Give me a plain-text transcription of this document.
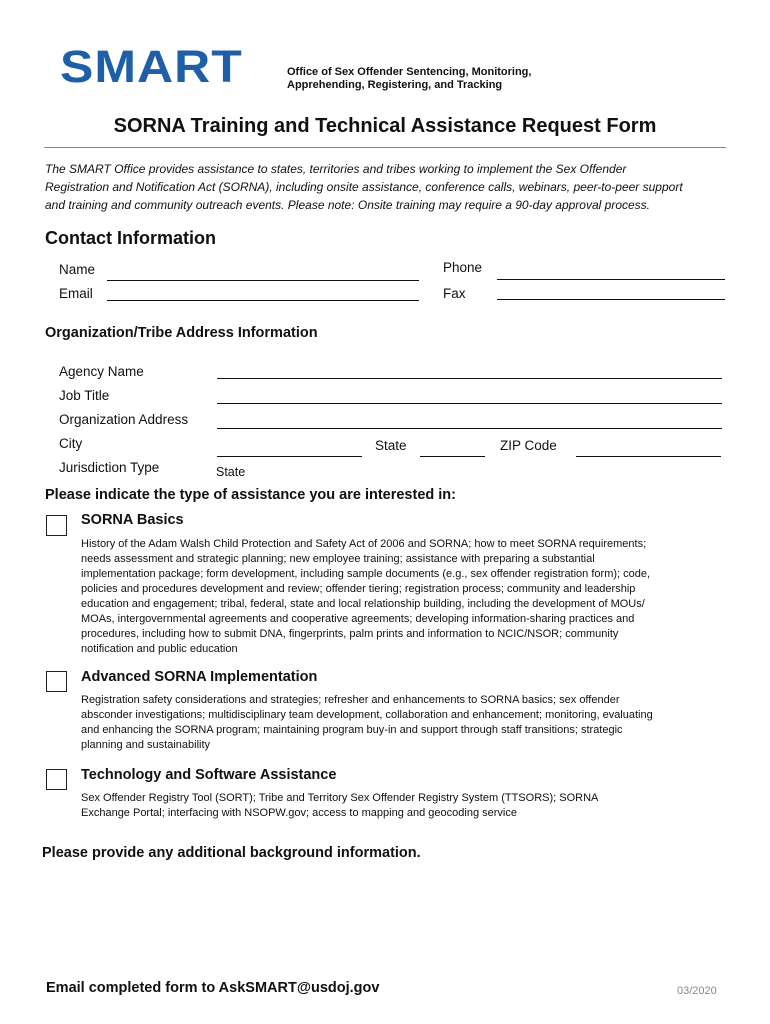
SMART	Office of Sex Offender Sentencing, Monitoring,
Apprehending, Registering, and Tracking
SORNA Training and Technical Assistance Request Form
The SMART Office provides assistance to states, territories and tribes working to implement the Sex Offender
Registration and Notification Act (SORNA), including onsite assistance, conference calls, webinars, peer-to-peer support
and training and community outreach events. Please note: Onsite training may require a 90-day approval process.
Contact Information
Name	Phone
Email	Fax
Organization/Tribe Address Information
Agency Name
Job Title
Organization Address
City	State	ZIP Code
Jurisdiction Type	State
Please indicate the type of assistance you are interested in:
SORNA Basics
History of the Adam Walsh Child Protection and Safety Act of 2006 and SORNA; how to meet SORNA requirements;
needs assessment and strategic planning; new employee training; assistance with preparing a substantial
implementation package; form development, including sample documents (e.g., sex offender registration form); code,
policies and procedures development and review; offender tiering; registration process; community and leadership
education and engagement; tribal, federal, state and local relationship building, including the development of MOUs/
MOAs, intergovernmental agreements and cooperative agreements; developing information-sharing practices and
procedures, including how to submit DNA, fingerprints, palm prints and information to NCIC/NSOR; community
notification and public education
Advanced SORNA Implementation
Registration safety considerations and strategies; refresher and enhancements to SORNA basics; sex offender
absconder investigations; multidisciplinary team development, collaboration and enhancement; monitoring, evaluating
and enhancing the SORNA program; maintaining program buy-in and support through staff transitions; strategic
planning and sustainability
Technology and Software Assistance
Sex Offender Registry Tool (SORT); Tribe and Territory Sex Offender Registry System (TTSORS); SORNA
Exchange Portal; interfacing with NSOPW.gov; access to mapping and geocoding service
Please provide any additional background information.
Email completed form to AskSMART@usdoj.gov	03/2020
